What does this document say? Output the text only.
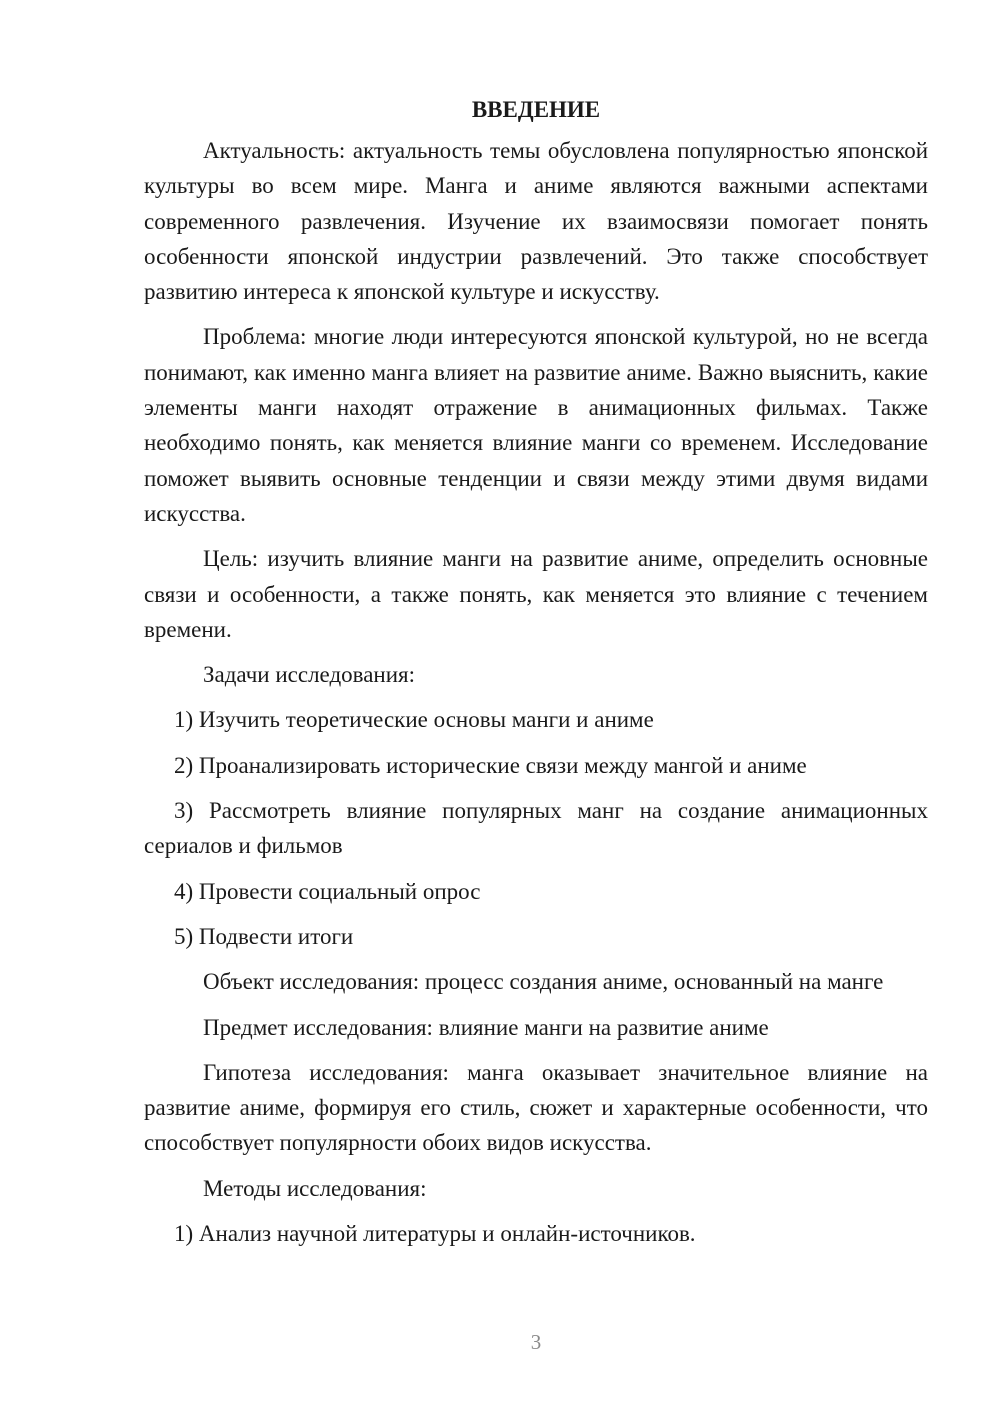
ВВЕДЕНИЕ

Актуальность: актуальность темы обусловлена популярностью японской культуры во всем мире. Манга и аниме являются важными аспектами современного развлечения. Изучение их взаимосвязи помогает понять особенности японской индустрии развлечений. Это также способствует развитию интереса к японской культуре и искусству.

Проблема: многие люди интересуются японской культурой, но не всегда понимают, как именно манга влияет на развитие аниме. Важно выяснить, какие элементы манги находят отражение в анимационных фильмах. Также необходимо понять, как меняется влияние манги со временем. Исследование поможет выявить основные тенденции и связи между этими двумя видами искусства.

Цель: изучить влияние манги на развитие аниме, определить основные связи и особенности, а также понять, как меняется это влияние с течением времени.

Задачи исследования:

1) Изучить теоретические основы манги и аниме

2) Проанализировать исторические связи между мангой и аниме

3) Рассмотреть влияние популярных манг на создание анимационных сериалов и фильмов

4) Провести социальный опрос

5) Подвести итоги

Объект исследования: процесс создания аниме, основанный на манге

Предмет исследования: влияние манги на развитие аниме

Гипотеза исследования: манга оказывает значительное влияние на развитие аниме, формируя его стиль, сюжет и характерные особенности, что способствует популярности обоих видов искусства.

Методы исследования:

1) Анализ научной литературы и онлайн-источников.

3
